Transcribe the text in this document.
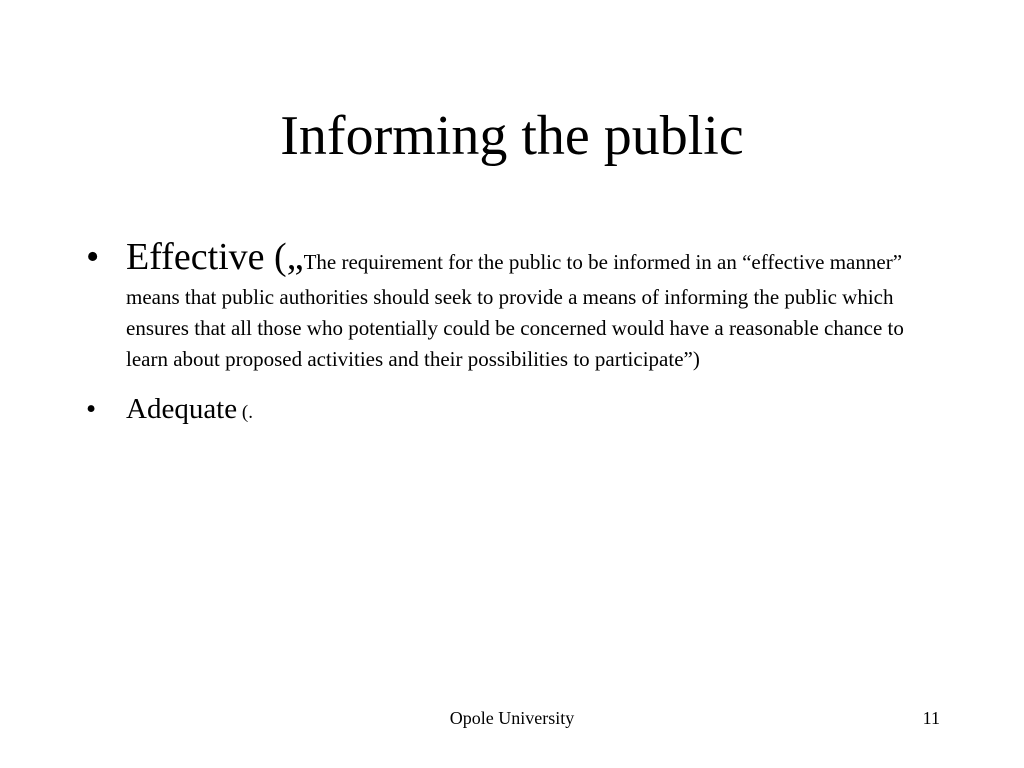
Informing the public
• Effective („The requirement for the public to be informed in an “effective manner” means that public authorities should seek to provide a means of informing the public which ensures that all those who potentially could be concerned would have a reasonable chance to learn about proposed activities and their possibilities to participate”)
• Adequate (.
Opole University	11
